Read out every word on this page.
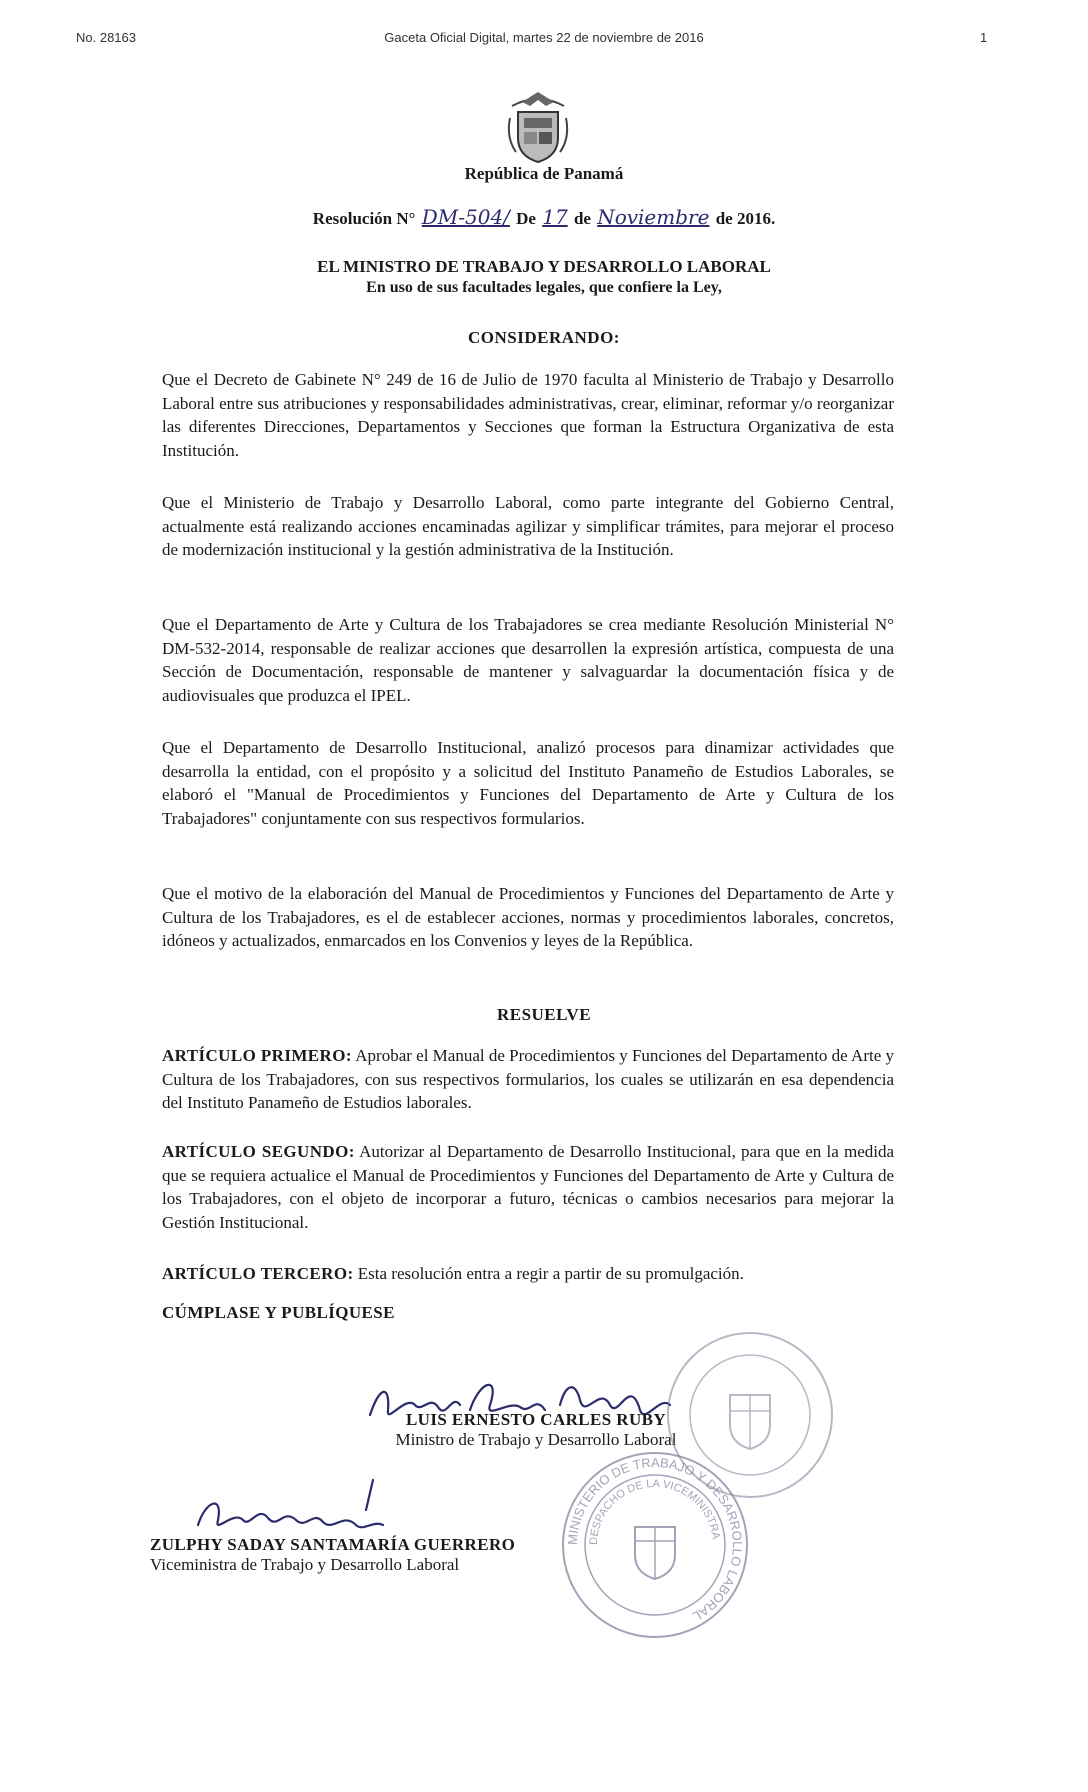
No. 28163	Gaceta Oficial Digital, martes 22 de noviembre de 2016	1
República de Panamá
Resolución N° DM-504/ De 17 de Noviembre de 2016.
EL MINISTRO DE TRABAJO Y DESARROLLO LABORAL
En uso de sus facultades legales, que confiere la Ley,
CONSIDERANDO:
Que el Decreto de Gabinete N° 249 de 16 de Julio de 1970 faculta al Ministerio de Trabajo y Desarrollo Laboral entre sus atribuciones y responsabilidades administrativas, crear, eliminar, reformar y/o reorganizar las diferentes Direcciones, Departamentos y Secciones que forman la Estructura Organizativa de esta Institución.
Que el Ministerio de Trabajo y Desarrollo Laboral, como parte integrante del Gobierno Central, actualmente está realizando acciones encaminadas agilizar y simplificar trámites, para mejorar el proceso de modernización institucional y la gestión administrativa de la Institución.
Que el Departamento de Arte y Cultura de los Trabajadores se crea mediante Resolución Ministerial N° DM-532-2014, responsable de realizar acciones que desarrollen la expresión artística, compuesta de una Sección de Documentación, responsable de mantener y salvaguardar la documentación física y de audiovisuales que produzca el IPEL.
Que el Departamento de Desarrollo Institucional, analizó procesos para dinamizar actividades que desarrolla la entidad, con el propósito y a solicitud del Instituto Panameño de Estudios Laborales, se elaboró el "Manual de Procedimientos y Funciones del Departamento de Arte y Cultura de los Trabajadores" conjuntamente con sus respectivos formularios.
Que el motivo de la elaboración del Manual de Procedimientos y Funciones del Departamento de Arte y Cultura de los Trabajadores, es el de establecer acciones, normas y procedimientos laborales, concretos, idóneos y actualizados, enmarcados en los Convenios y leyes de la República.
RESUELVE
ARTÍCULO PRIMERO: Aprobar el Manual de Procedimientos y Funciones del Departamento de Arte y Cultura de los Trabajadores, con sus respectivos formularios, los cuales se utilizarán en esa dependencia del Instituto Panameño de Estudios laborales.
ARTÍCULO SEGUNDO: Autorizar al Departamento de Desarrollo Institucional, para que en la medida que se requiera actualice el Manual de Procedimientos y Funciones del Departamento de Arte y Cultura de los Trabajadores, con el objeto de incorporar a futuro, técnicas o cambios necesarios para mejorar la Gestión Institucional.
ARTÍCULO TERCERO: Esta resolución entra a regir a partir de su promulgación.
CÚMPLASE Y PUBLÍQUESE
LUIS ERNESTO CARLES RUBY
Ministro de Trabajo y Desarrollo Laboral
ZULPHY SADAY SANTAMARÍA GUERRERO
Viceministra de Trabajo y Desarrollo Laboral
MINISTERIO DE TRABAJO Y DESARROLLO LABORAL
DESPACHO DE LA VICEMINISTRA
